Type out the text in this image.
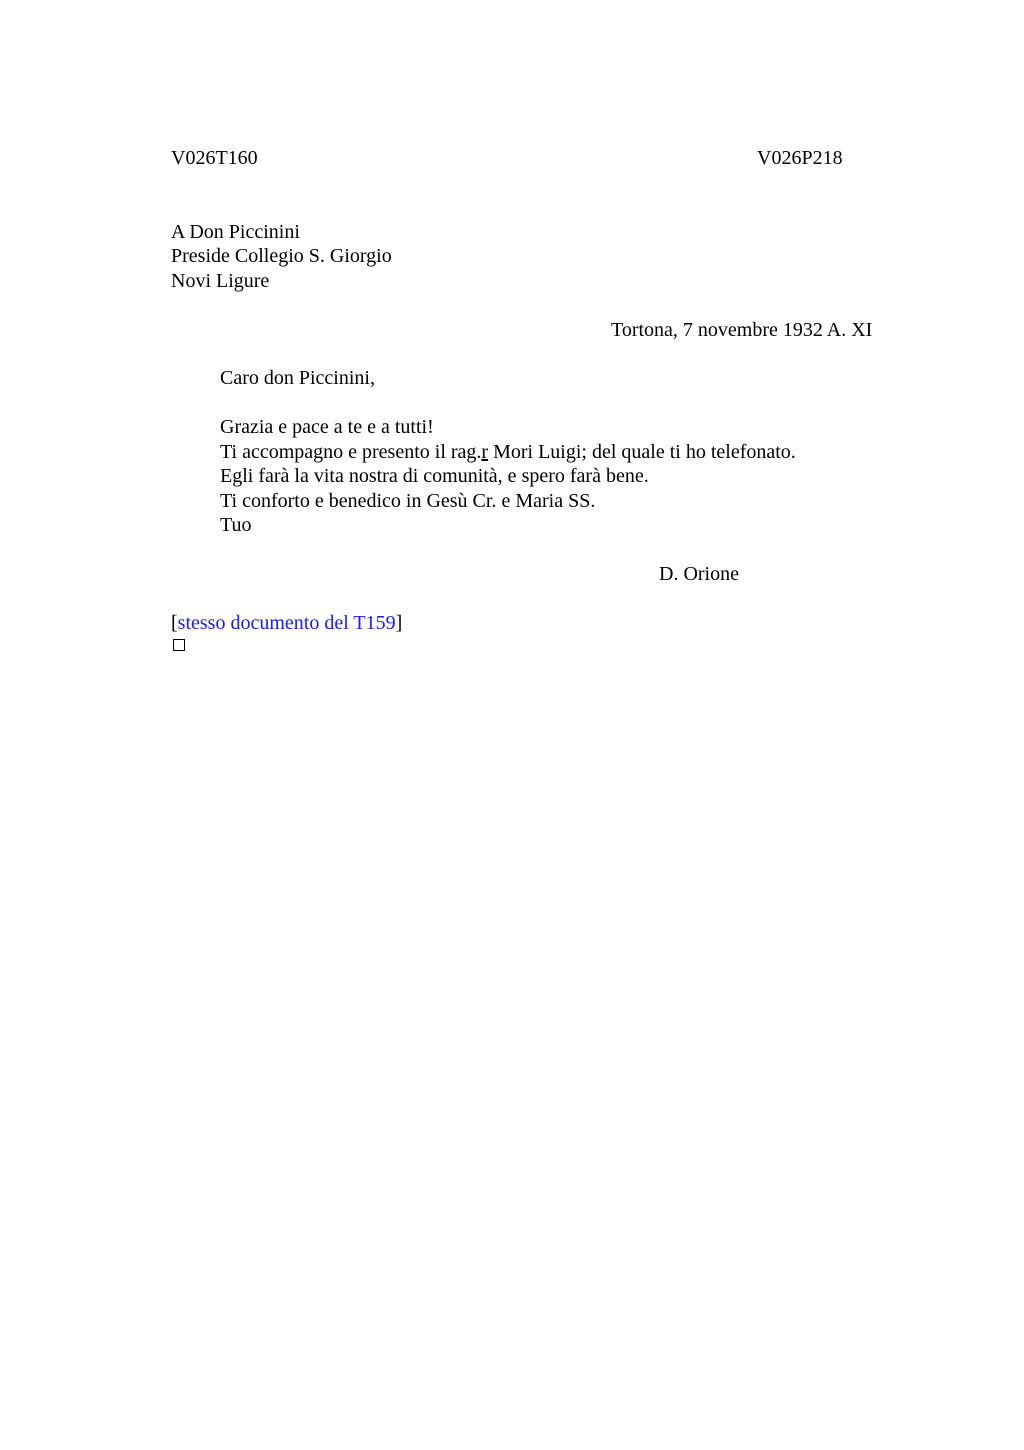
V026T160	V026P218
A Don Piccinini
Preside Collegio S. Giorgio
Novi Ligure
Tortona, 7 novembre 1932 A. XI
Caro don Piccinini,
Grazia e pace a te e a tutti!
Ti accompagno e presento il rag.r Mori Luigi; del quale ti ho telefonato.
Egli farà la vita nostra di comunità, e spero farà bene.
Ti conforto e benedico in Gesù Cr. e Maria SS.
Tuo
D. Orione
[stesso documento del T159]
